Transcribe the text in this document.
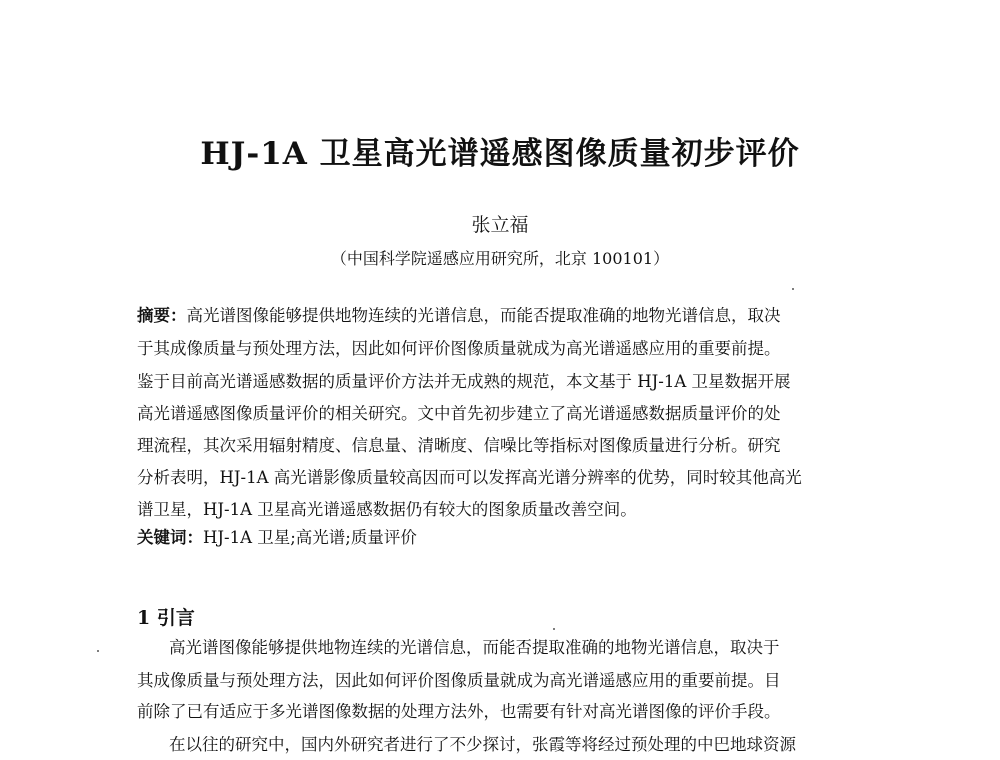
HJ-1A 卫星高光谱遥感图像质量初步评价
张立福
（中国科学院遥感应用研究所，北京 100101）
摘要：高光谱图像能够提供地物连续的光谱信息，而能否提取准确的地物光谱信息，取决
于其成像质量与预处理方法，因此如何评价图像质量就成为高光谱遥感应用的重要前提。
鉴于目前高光谱遥感数据的质量评价方法并无成熟的规范，本文基于 HJ-1A 卫星数据开展
高光谱遥感图像质量评价的相关研究。文中首先初步建立了高光谱遥感数据质量评价的处
理流程，其次采用辐射精度、信息量、清晰度、信噪比等指标对图像质量进行分析。研究
分析表明，HJ-1A 高光谱影像质量较高因而可以发挥高光谱分辨率的优势，同时较其他高光
谱卫星，HJ-1A 卫星高光谱遥感数据仍有较大的图象质量改善空间。
关键词：HJ-1A 卫星;高光谱;质量评价
1 引言
高光谱图像能够提供地物连续的光谱信息，而能否提取准确的地物光谱信息，取决于
其成像质量与预处理方法，因此如何评价图像质量就成为高光谱遥感应用的重要前提。目
前除了已有适应于多光谱图像数据的处理方法外，也需要有针对高光谱图像的评价手段。
在以往的研究中，国内外研究者进行了不少探讨，张霞等将经过预处理的中巴地球资源
